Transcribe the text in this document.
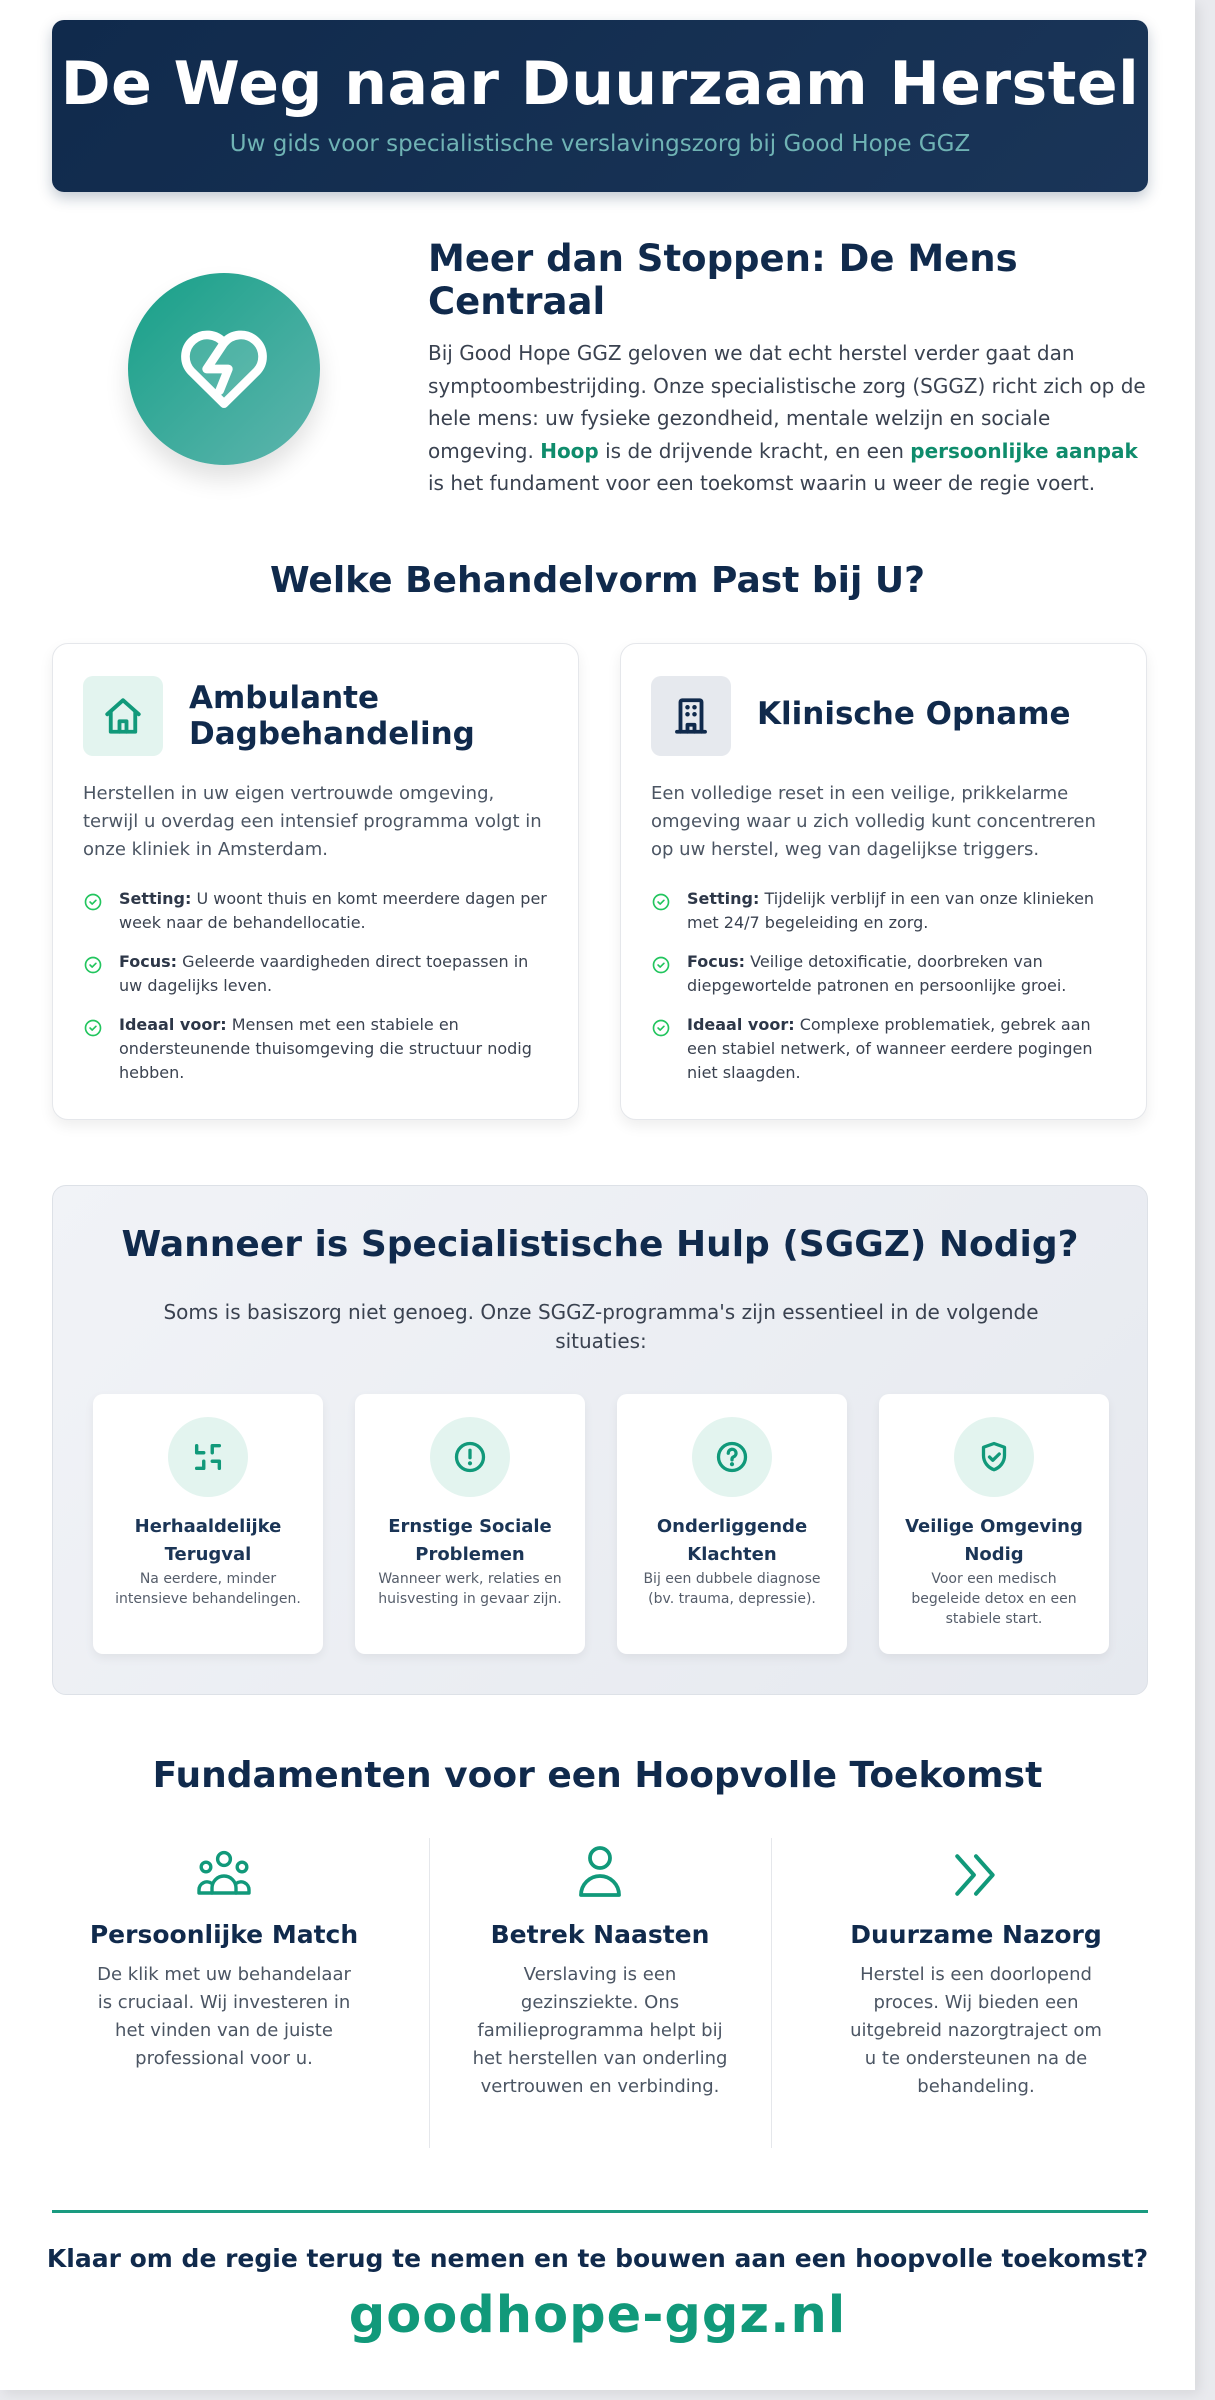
De Weg naar Duurzaam Herstel

Uw gids voor specialistische verslavingszorg bij Good Hope GGZ

Meer dan Stoppen: De Mens Centraal

Bij Good Hope GGZ geloven we dat echt herstel verder gaat dan symptoombestrijding. Onze specialistische zorg (SGGZ) richt zich op de hele mens: uw fysieke gezondheid, mentale welzijn en sociale omgeving. Hoop is de drijvende kracht, en een persoonlijke aanpak is het fundament voor een toekomst waarin u weer de regie voert.

Welke Behandelvorm Past bij U?
Ambulante Dagbehandeling

Herstellen in uw eigen vertrouwde omgeving, terwijl u overdag een intensief programma volgt in onze kliniek in Amsterdam.

Setting: U woont thuis en komt meerdere dagen per week naar de behandellocatie.
Focus: Geleerde vaardigheden direct toepassen in uw dagelijks leven.
Ideaal voor: Mensen met een stabiele en ondersteunende thuisomgeving die structuur nodig hebben.
Klinische Opname

Een volledige reset in een veilige, prikkelarme omgeving waar u zich volledig kunt concentreren op uw herstel, weg van dagelijkse triggers.

Setting: Tijdelijk verblijf in een van onze klinieken met 24/7 begeleiding en zorg.
Focus: Veilige detoxificatie, doorbreken van diepgewortelde patronen en persoonlijke groei.
Ideaal voor: Complexe problematiek, gebrek aan een stabiel netwerk, of wanneer eerdere pogingen niet slaagden.
Wanneer is Specialistische Hulp (SGGZ) Nodig?

Soms is basiszorg niet genoeg. Onze SGGZ-programma's zijn essentieel in de volgende situaties:

Herhaaldelijke Terugval

Na eerdere, minder intensieve behandelingen.

Ernstige Sociale Problemen

Wanneer werk, relaties en huisvesting in gevaar zijn.

Onderliggende Klachten

Bij een dubbele diagnose (bv. trauma, depressie).

Veilige Omgeving Nodig

Voor een medisch begeleide detox en een stabiele start.

Fundamenten voor een Hoopvolle Toekomst
Persoonlijke Match

De klik met uw behandelaar is cruciaal. Wij investeren in het vinden van de juiste professional voor u.

Betrek Naasten

Verslaving is een gezinsziekte. Ons familieprogramma helpt bij het herstellen van onderling vertrouwen en verbinding.

Duurzame Nazorg

Herstel is een doorlopend proces. Wij bieden een uitgebreid nazorgtraject om u te ondersteunen na de behandeling.

Klaar om de regie terug te nemen en te bouwen aan een hoopvolle toekomst?

goodhope-ggz.nl
